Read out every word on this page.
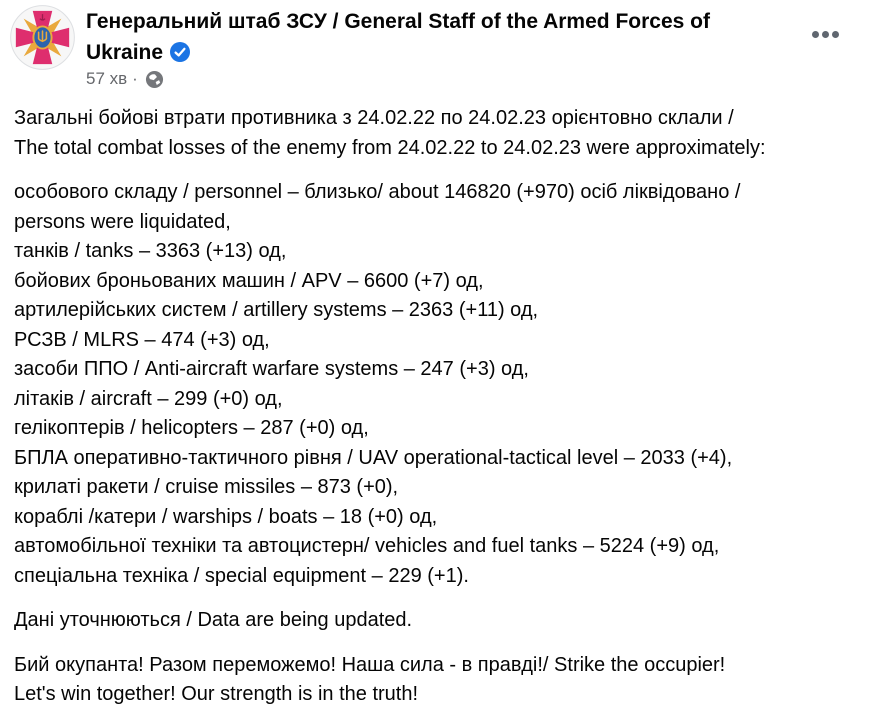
Генеральний штаб ЗСУ / General Staff of the Armed Forces of
Ukraine
57 хв ·
Загальні бойові втрати противника з 24.02.22 по 24.02.23 орієнтовно склали /
The total combat losses of the enemy from 24.02.22 to 24.02.23 were approximately:
особового складу / personnel – близько/ about 146820 (+970) осіб ліквідовано /
persons were liquidated,
танків / tanks – 3363 (+13) од,
бойових броньованих машин / APV – 6600 (+7) од,
артилерійських систем / artillery systems – 2363 (+11) од,
РСЗВ / MLRS – 474 (+3) од,
засоби ППО / Anti-aircraft warfare systems – 247 (+3) од,
літаків / aircraft – 299 (+0) од,
гелікоптерів / helicopters – 287 (+0) од,
БПЛА оперативно-тактичного рівня / UAV operational-tactical level – 2033 (+4),
крилаті ракети / cruise missiles – 873 (+0),
кораблі /катери / warships / boats – 18 (+0) од,
автомобільної техніки та автоцистерн/ vehicles and fuel tanks – 5224 (+9) од,
спеціальна техніка / special equipment – 229 (+1).
Дані уточнюються / Data are being updated.
Бий окупанта! Разом переможемо! Наша сила - в правді!/ Strike the occupier!
Let's win together! Our strength is in the truth!
